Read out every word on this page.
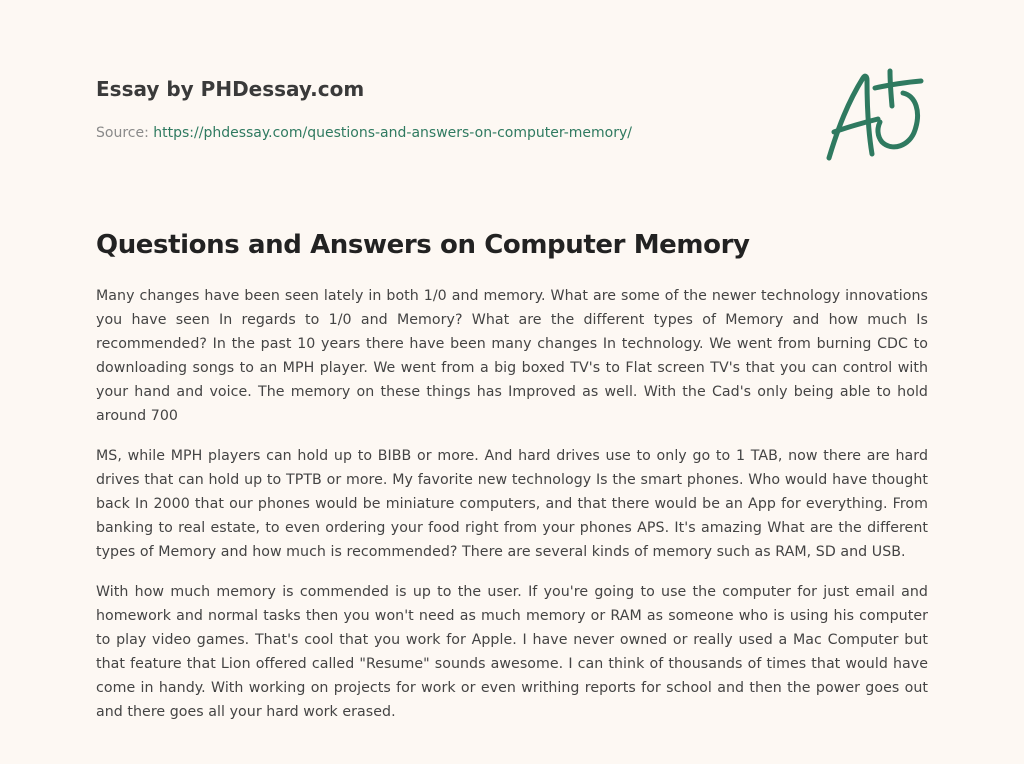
Essay by PHDessay.com

Source: https://phdessay.com/questions-and-answers-on-computer-memory/
Questions and Answers on Computer Memory

Many changes have been seen lately in both 1/0 and memory. What are some of the newer technology innovations you have seen In regards to 1/0 and Memory? What are the different types of Memory and how much Is recommended? In the past 10 years there have been many changes In technology. We went from burning CDC to downloading songs to an MPH player. We went from a big boxed TV's to Flat screen TV's that you can control with your hand and voice. The memory on these things has Improved as well. With the Cad's only being able to hold around 700

MS, while MPH players can hold up to BIBB or more. And hard drives use to only go to 1 TAB, now there are hard drives that can hold up to TPTB or more. My favorite new technology Is the smart phones. Who would have thought back In 2000 that our phones would be miniature computers, and that there would be an App for everything. From banking to real estate, to even ordering your food right from your phones APS. It's amazing What are the different types of Memory and how much is recommended? There are several kinds of memory such as RAM, SD and USB.

With how much memory is commended is up to the user. If you're going to use the computer for just email and homework and normal tasks then you won't need as much memory or RAM as someone who is using his computer to play video games. That's cool that you work for Apple. I have never owned or really used a Mac Computer but that feature that Lion offered called "Resume" sounds awesome. I can think of thousands of times that would have come in handy. With working on projects for work or even writhing reports for school and then the power goes out and there goes all your hard work erased.
